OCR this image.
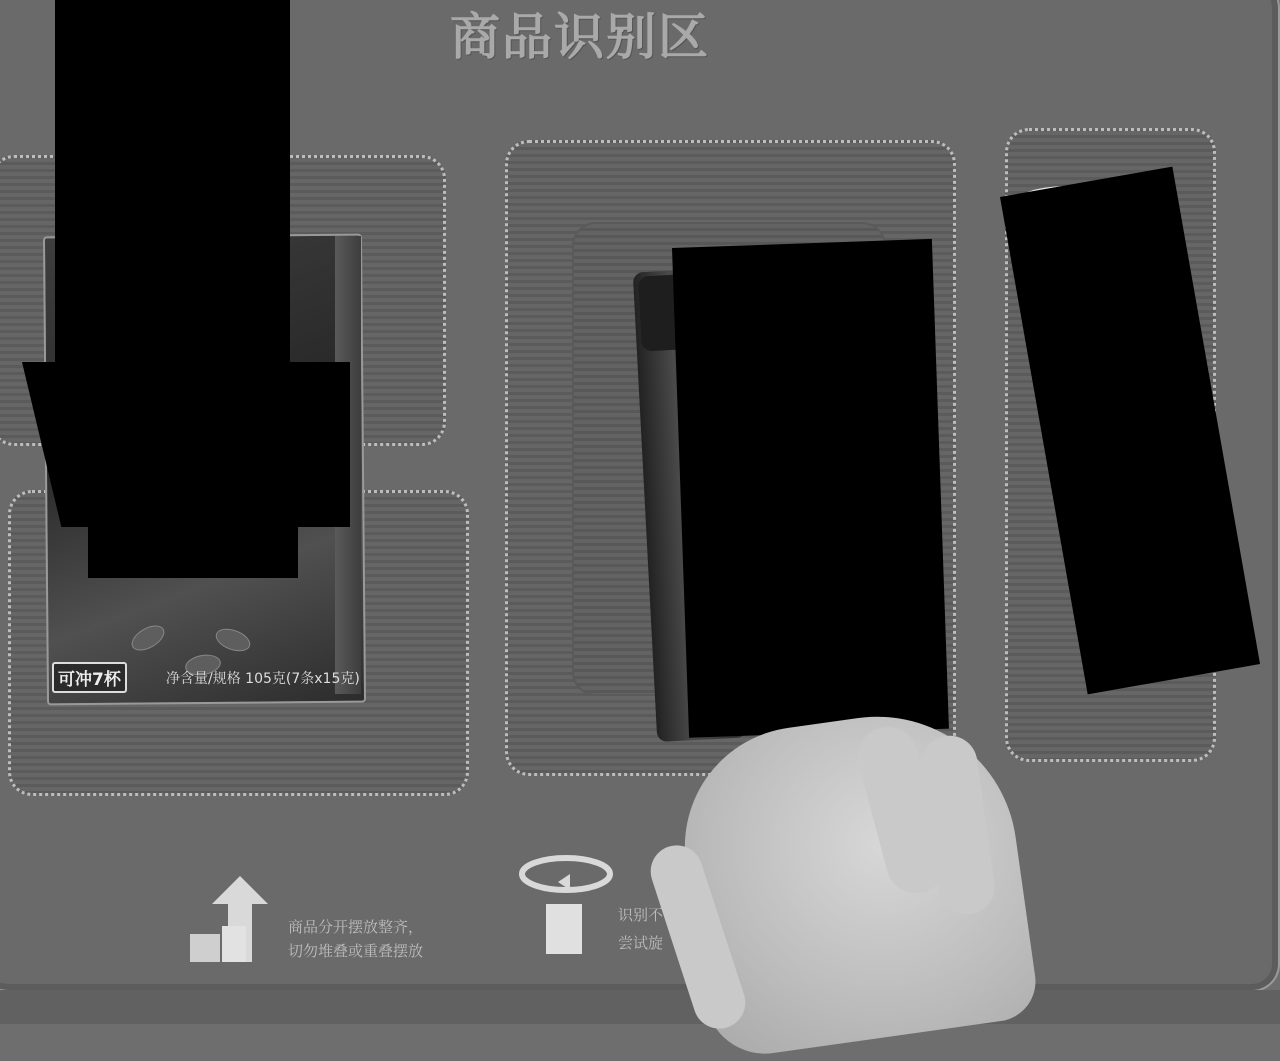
商品识别区
可冲7杯	净含量/规格 105克(7条x15克)
商品分开摆放整齐，
切勿堆叠或重叠摆放
识别不
尝试旋
